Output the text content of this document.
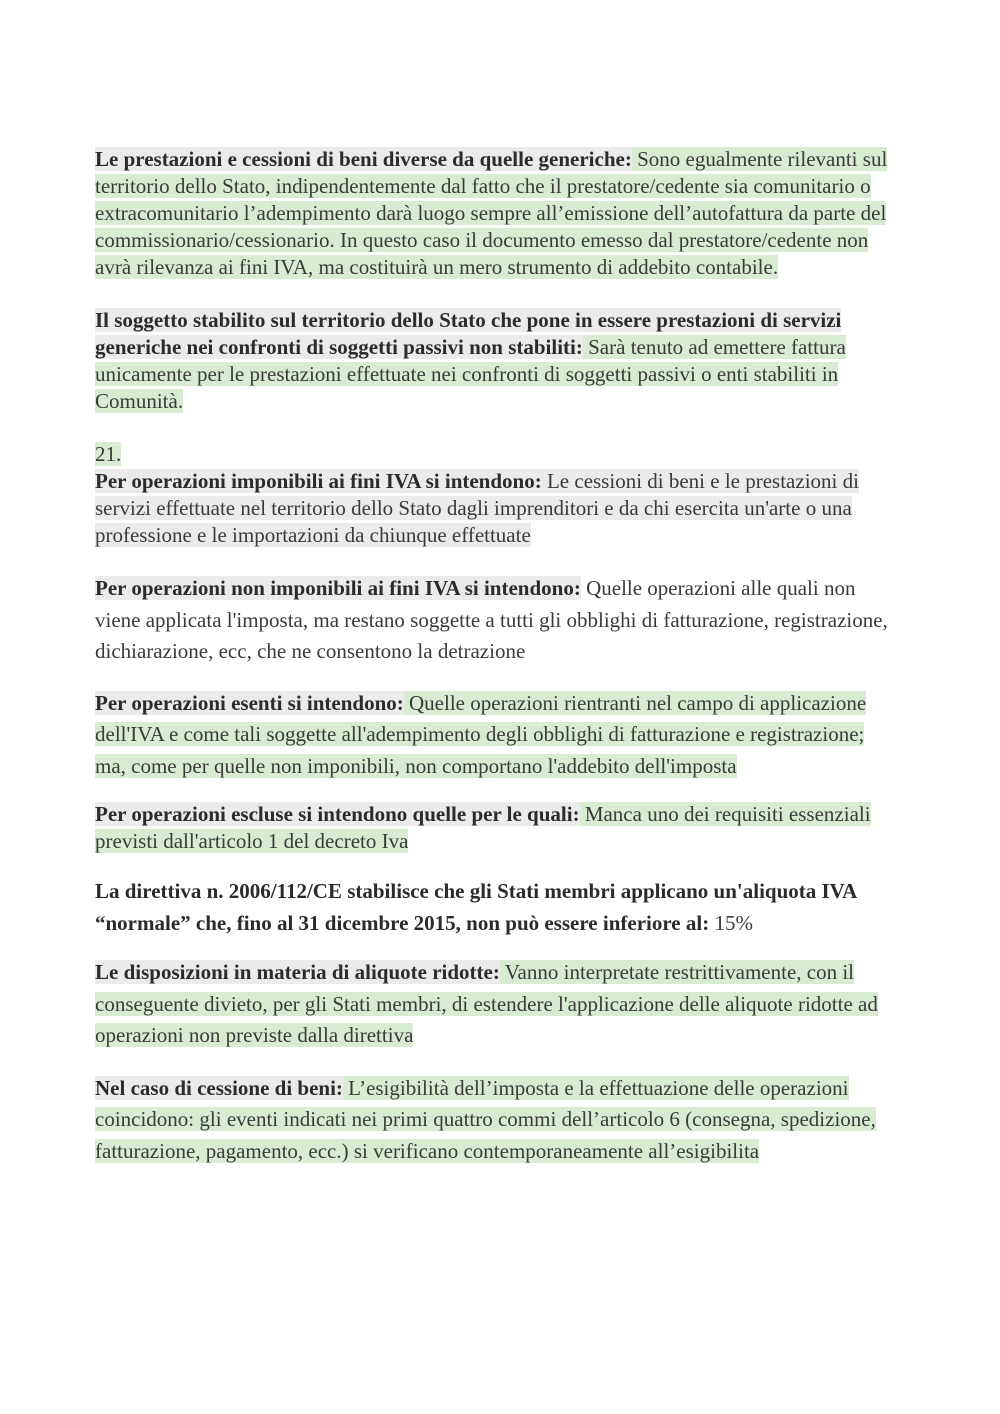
Le prestazioni e cessioni di beni diverse da quelle generiche: Sono egualmente rilevanti sul territorio dello Stato, indipendentemente dal fatto che il prestatore/cedente sia comunitario o extracomunitario l’adempimento darà luogo sempre all’emissione dell’autofattura da parte del commissionario/cessionario. In questo caso il documento emesso dal prestatore/cedente non avrà rilevanza ai fini IVA, ma costituirà un mero strumento di addebito contabile.

Il soggetto stabilito sul territorio dello Stato che pone in essere prestazioni di servizi generiche nei confronti di soggetti passivi non stabiliti: Sarà tenuto ad emettere fattura unicamente per le prestazioni effettuate nei confronti di soggetti passivi o enti stabiliti in Comunità.

21.

Per operazioni imponibili ai fini IVA si intendono: Le cessioni di beni e le prestazioni di servizi effettuate nel territorio dello Stato dagli imprenditori e da chi esercita un'arte o una professione e le importazioni da chiunque effettuate

Per operazioni non imponibili ai fini IVA si intendono: Quelle operazioni alle quali non viene applicata l'imposta, ma restano soggette a tutti gli obblighi di fatturazione, registrazione, dichiarazione, ecc, che ne consentono la detrazione

Per operazioni esenti si intendono: Quelle operazioni rientranti nel campo di applicazione dell'IVA e come tali soggette all'adempimento degli obblighi di fatturazione e registrazione; ma, come per quelle non imponibili, non comportano l'addebito dell'imposta

Per operazioni escluse si intendono quelle per le quali: Manca uno dei requisiti essenziali previsti dall'articolo 1 del decreto Iva

La direttiva n. 2006/112/CE stabilisce che gli Stati membri applicano un'aliquota IVA “normale” che, fino al 31 dicembre 2015, non può essere inferiore al: 15%

Le disposizioni in materia di aliquote ridotte: Vanno interpretate restrittivamente, con il conseguente divieto, per gli Stati membri, di estendere l'applicazione delle aliquote ridotte ad operazioni non previste dalla direttiva

Nel caso di cessione di beni: L’esigibilità dell’imposta e la effettuazione delle operazioni coincidono: gli eventi indicati nei primi quattro commi dell’articolo 6 (consegna, spedizione, fatturazione, pagamento, ecc.) si verificano contemporaneamente all’esigibilita
